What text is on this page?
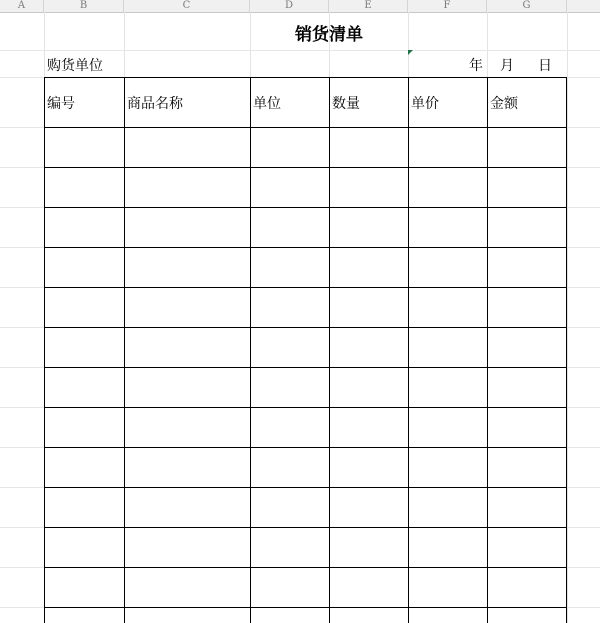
A	B	C	D	E	F	G
销货清单
购货单位	年 月 日
编号	商品名称	单位	数量	单价	金额
